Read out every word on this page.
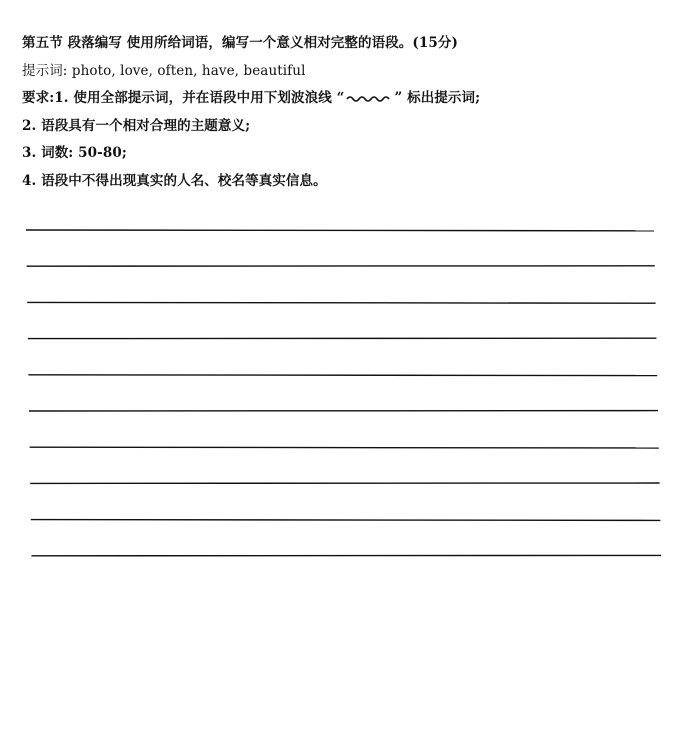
第五节 段落编写 使用所给词语，编写一个意义相对完整的语段。(15分)
提示词: photo, love, often, have, beautiful
要求:1. 使用全部提示词，并在语段中用下划波浪线 “	” 标出提示词;
2. 语段具有一个相对合理的主题意义;
3. 词数: 50-80;
4. 语段中不得出现真实的人名、校名等真实信息。
